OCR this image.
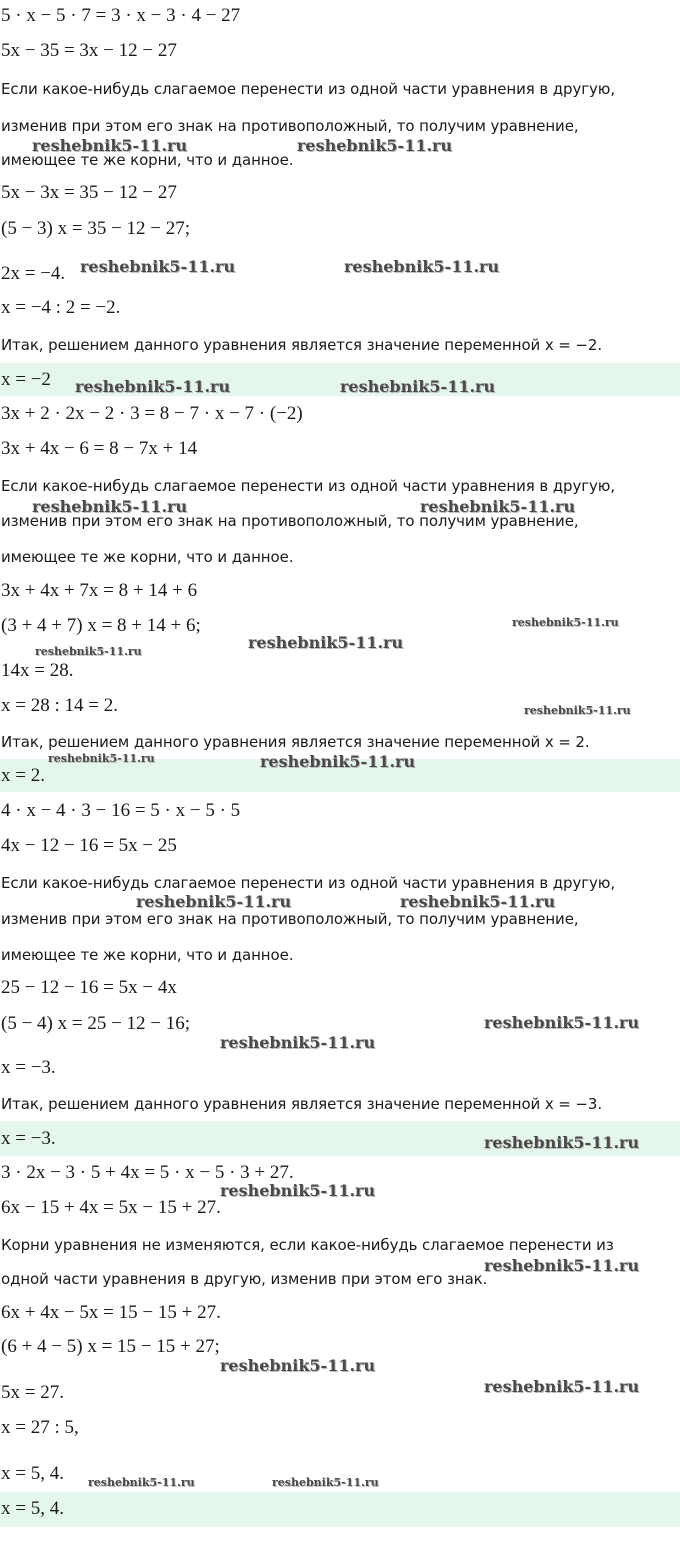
5 · x − 5 · 7 = 3 · x − 3 · 4 − 27
5x − 35 = 3x − 12 − 27
Если какое-нибудь слагаемое перенести из одной части уравнения в другую,
изменив при этом его знак на противоположный, то получим уравнение,
имеющее те же корни, что и данное.
5x − 3x = 35 − 12 − 27
(5 − 3) x = 35 − 12 − 27;
2x = −4.
x = −4 : 2 = −2.
Итак, решением данного уравнения является значение переменной x = −2.
x = −2
3x + 2 · 2x − 2 · 3 = 8 − 7 · x − 7 · (−2)
3x + 4x − 6 = 8 − 7x + 14
Если какое-нибудь слагаемое перенести из одной части уравнения в другую,
изменив при этом его знак на противоположный, то получим уравнение,
имеющее те же корни, что и данное.
3x + 4x + 7x = 8 + 14 + 6
(3 + 4 + 7) x = 8 + 14 + 6;
14x = 28.
x = 28 : 14 = 2.
Итак, решением данного уравнения является значение переменной x = 2.
x = 2.
4 · x − 4 · 3 − 16 = 5 · x − 5 · 5
4x − 12 − 16 = 5x − 25
Если какое-нибудь слагаемое перенести из одной части уравнения в другую,
изменив при этом его знак на противоположный, то получим уравнение,
имеющее те же корни, что и данное.
25 − 12 − 16 = 5x − 4x
(5 − 4) x = 25 − 12 − 16;
x = −3.
Итак, решением данного уравнения является значение переменной x = −3.
x = −3.
3 · 2x − 3 · 5 + 4x = 5 · x − 5 · 3 + 27.
6x − 15 + 4x = 5x − 15 + 27.
Корни уравнения не изменяются, если какое-нибудь слагаемое перенести из
одной части уравнения в другую, изменив при этом его знак.
6x + 4x − 5x = 15 − 15 + 27.
(6 + 4 − 5) x = 15 − 15 + 27;
5x = 27.
x = 27 : 5,
x = 5, 4.
x = 5, 4.
reshebnik5-11.ru	reshebnik5-11.ru
reshebnik5-11.ru	reshebnik5-11.ru
reshebnik5-11.ru	reshebnik5-11.ru
reshebnik5-11.ru	reshebnik5-11.ru
reshebnik5-11.ru
reshebnik5-11.ru
reshebnik5-11.ru
reshebnik5-11.ru
reshebnik5-11.ru	reshebnik5-11.ru
reshebnik5-11.ru	reshebnik5-11.ru
reshebnik5-11.ru
reshebnik5-11.ru
reshebnik5-11.ru
reshebnik5-11.ru
reshebnik5-11.ru
reshebnik5-11.ru
reshebnik5-11.ru
reshebnik5-11.ru	reshebnik5-11.ru
